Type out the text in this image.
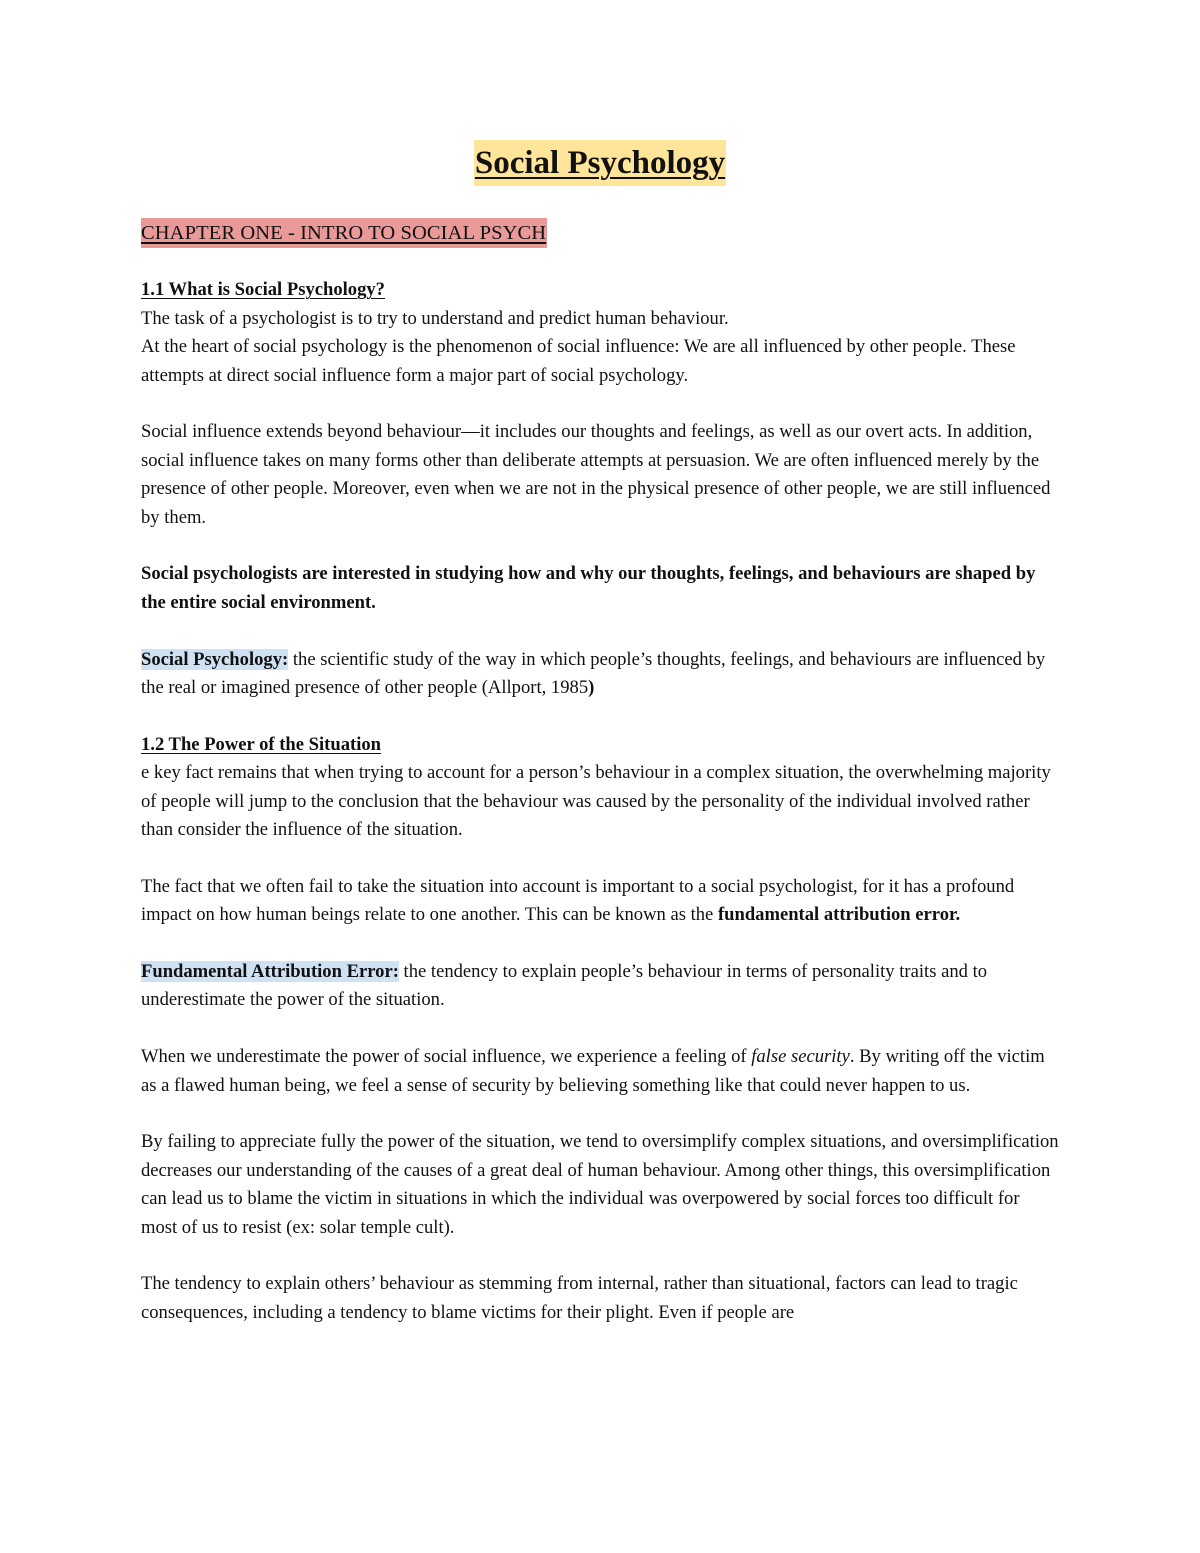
Social Psychology
CHAPTER ONE - INTRO TO SOCIAL PSYCH
1.1 What is Social Psychology?
The task of a psychologist is to try to understand and predict human behaviour.

At the heart of social psychology is the phenomenon of social influence: We are all influenced by other people. These attempts at direct social influence form a major part of social psychology.

Social influence extends beyond behaviour—it includes our thoughts and feelings, as well as our overt acts. In addition, social influence takes on many forms other than deliberate attempts at persuasion. We are often influenced merely by the presence of other people. Moreover, even when we are not in the physical presence of other people, we are still influenced by them.

Social psychologists are interested in studying how and why our thoughts, feelings, and behaviours are shaped by the entire social environment.

Social Psychology: the scientific study of the way in which people’s thoughts, feelings, and behaviours are influenced by the real or imagined presence of other people (Allport, 1985)

1.2 The Power of the Situation

e key fact remains that when trying to account for a person’s behaviour in a complex situation, the overwhelming majority of people will jump to the conclusion that the behaviour was caused by the personality of the individual involved rather than consider the influence of the situation.

The fact that we often fail to take the situation into account is important to a social psychologist, for it has a profound impact on how human beings relate to one another. This can be known as the fundamental attribution error.

Fundamental Attribution Error: the tendency to explain people’s behaviour in terms of personality traits and to underestimate the power of the situation.

When we underestimate the power of social influence, we experience a feeling of false security. By writing off the victim as a flawed human being, we feel a sense of security by believing something like that could never happen to us.

By failing to appreciate fully the power of the situation, we tend to oversimplify complex situations, and oversimplification decreases our understanding of the causes of a great deal of human behaviour. Among other things, this oversimplification can lead us to blame the victim in situations in which the individual was overpowered by social forces too difficult for most of us to resist (ex: solar temple cult).

The tendency to explain others’ behaviour as stemming from internal, rather than situational, factors can lead to tragic consequences, including a tendency to blame victims for their plight. Even if people are
